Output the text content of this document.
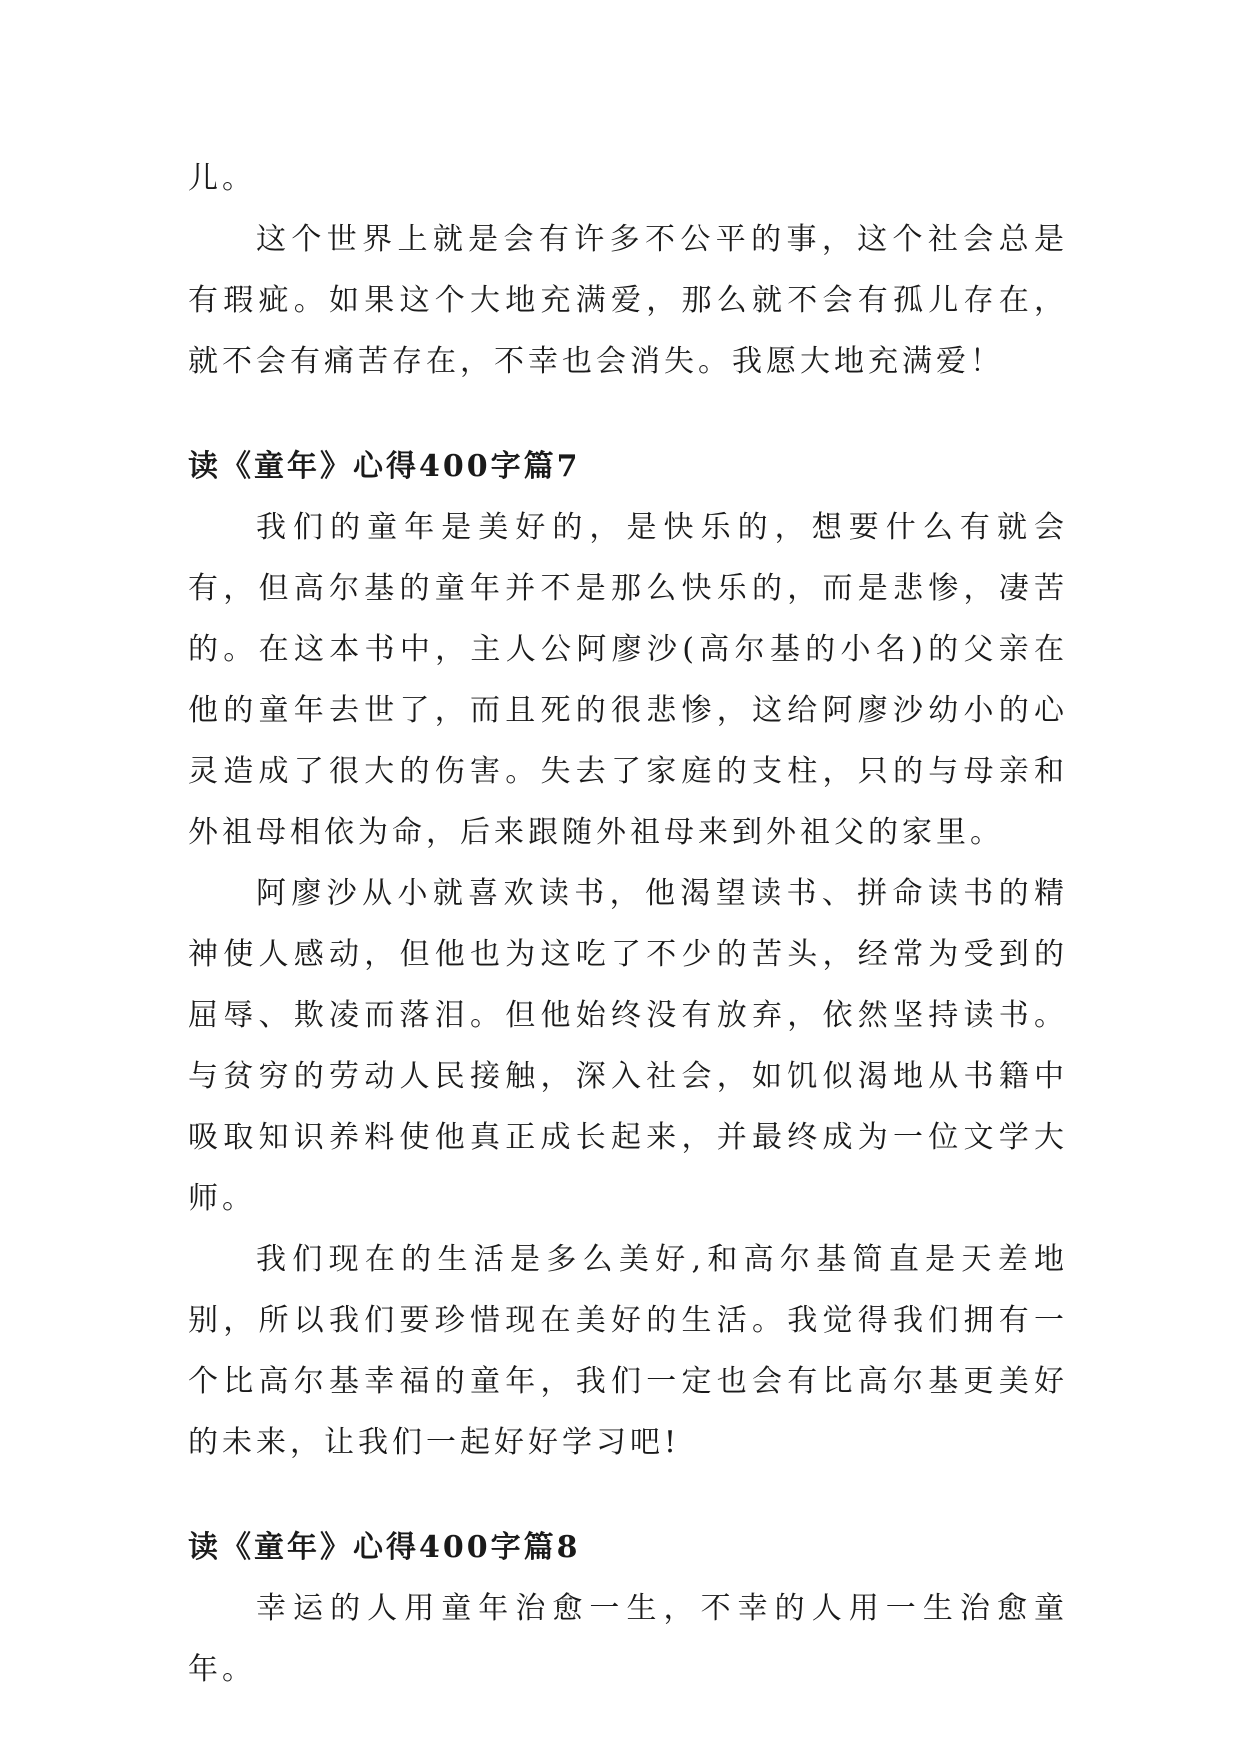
儿。

这个世界上就是会有许多不公平的事，这个社会总是有瑕疵。如果这个大地充满爱，那么就不会有孤儿存在，就不会有痛苦存在，不幸也会消失。我愿大地充满爱！

读《童年》心得400字篇7

我们的童年是美好的，是快乐的，想要什么有就会有，但高尔基的童年并不是那么快乐的，而是悲惨，凄苦的。在这本书中，主人公阿廖沙(高尔基的小名)的父亲在他的童年去世了，而且死的很悲惨，这给阿廖沙幼小的心灵造成了很大的伤害。失去了家庭的支柱，只的与母亲和外祖母相依为命，后来跟随外祖母来到外祖父的家里。

阿廖沙从小就喜欢读书，他渴望读书、拼命读书的精神使人感动，但他也为这吃了不少的苦头，经常为受到的屈辱、欺凌而落泪。但他始终没有放弃，依然坚持读书。与贫穷的劳动人民接触，深入社会，如饥似渴地从书籍中吸取知识养料使他真正成长起来，并最终成为一位文学大师。

我们现在的生活是多么美好,和高尔基简直是天差地别，所以我们要珍惜现在美好的生活。我觉得我们拥有一个比高尔基幸福的童年，我们一定也会有比高尔基更美好的未来，让我们一起好好学习吧!

读《童年》心得400字篇8

幸运的人用童年治愈一生，不幸的人用一生治愈童年。
